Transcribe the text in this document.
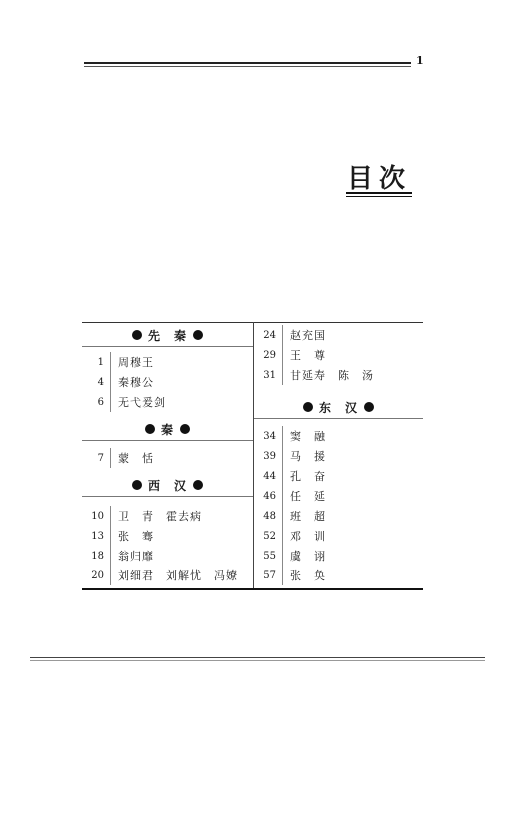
1
目次
先　秦
1	周穆王
4	秦穆公
6	无弋爰剑
秦
7	蒙　恬
西　汉
10	卫　青　霍去病
13	张　骞
18	翁归靡
20	刘细君　刘解忧　冯嫽
24	赵充国
29	王　尊
31	甘延寿　陈　汤
东　汉
34	窦　融
39	马　援
44	孔　奋
46	任　延
48	班　超
52	邓　训
55	虞　诩
57	张　奂
